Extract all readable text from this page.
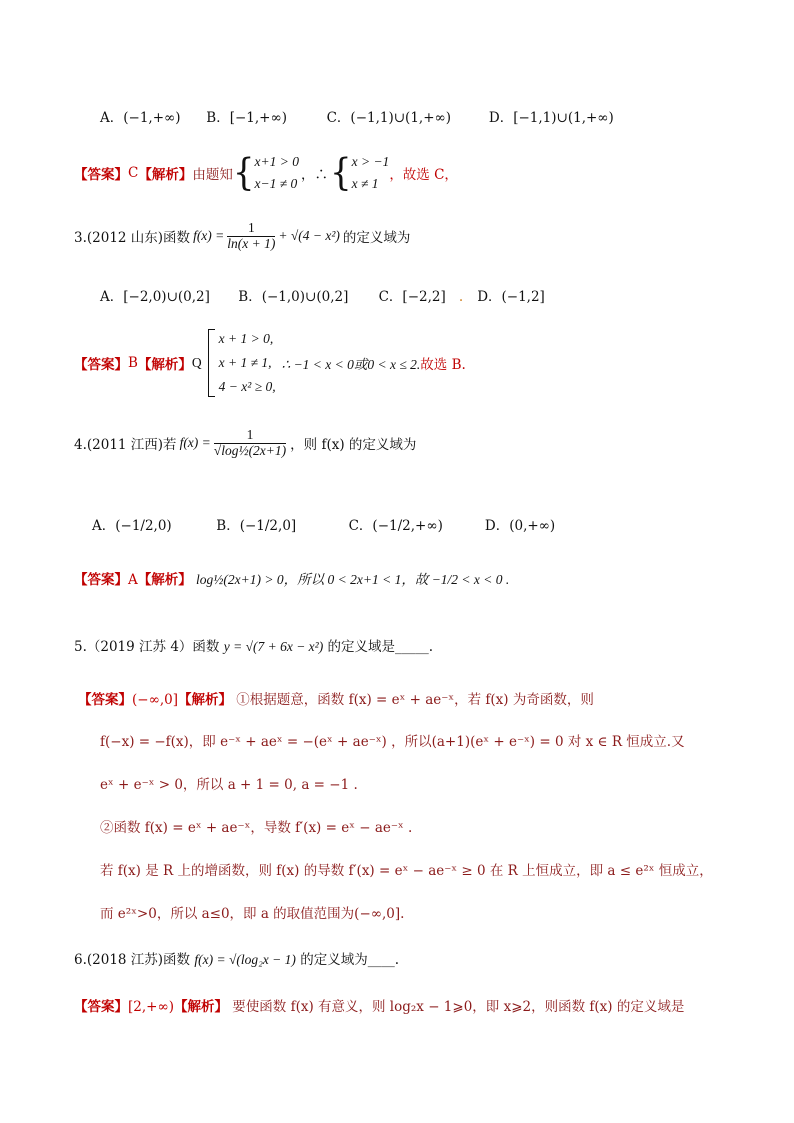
A．(−1,+∞) B．[−1,+∞)	C．(−1,1)∪(1,+∞)	D．[−1,1)∪(1,+∞)
【答案】 C 【解析】 由题知 { x+1 > 0
x−1 ≠ 0
，∴ { x > −1
x ≠ 1
，故选 C，
3.(2012 山东)函数 $f(x) = \frac{1}{\ln(x + 1)} + √(4 - x^2)$ 的定义域为
A．[−2,0)∪(0,2] B．(−1,0)∪(0,2] C．[−2,2] . D．(−1,2]
【答案】 B 【解析】 Q
x + 1 > 0,
x + 1 ≠ 1,
4 − x² ≥ 0,
∴ −1 < x < 0或0 < x ≤ 2. 故选 B.
4.(2011 江西)若 $f(x) = \frac{1}{\text{√log½(2x+1)}}$ ，则 f(x) 的定义域为
A．(−1/2,0)	B．(−1/2,0]	C．(−1/2,+∞)	D．(0,+∞)
【答案】A【解析】 log½(2x+1) > 0，所以 0 < 2x+1 < 1，故 −1/2 < x < 0 .
5.（2019 江苏 4）函数 y = √(7 + 6x − x²) 的定义域是_____.
【答案】(−∞,0]【解析】 ①根据题意，函数 f(x) = eˣ + ae⁻ˣ，若 f(x) 为奇函数，则
f(−x) = −f(x)，即 e⁻ˣ + aeˣ = −(eˣ + ae⁻ˣ) ，所以(a+1)(eˣ + e⁻ˣ) = 0 对 x ∈ R 恒成立.又
eˣ + e⁻ˣ > 0，所以 a + 1 = 0, a = −1 .
②函数 f(x) = eˣ + ae⁻ˣ，导数 f′(x) = eˣ − ae⁻ˣ .
若 f(x) 是 R 上的增函数，则 f(x) 的导数 f′(x) = eˣ − ae⁻ˣ ≥ 0 在 R 上恒成立，即 a ≤ e²ˣ 恒成立，
而 e²ˣ>0，所以 a≤0，即 a 的取值范围为(−∞,0].
6.(2018 江苏)函数 f(x) = √(log₂x − 1) 的定义域为____.
【答案】[2,+∞)【解析】 要使函数 f(x) 有意义，则 log₂x − 1⩾0，即 x⩾2，则函数 f(x) 的定义域是
